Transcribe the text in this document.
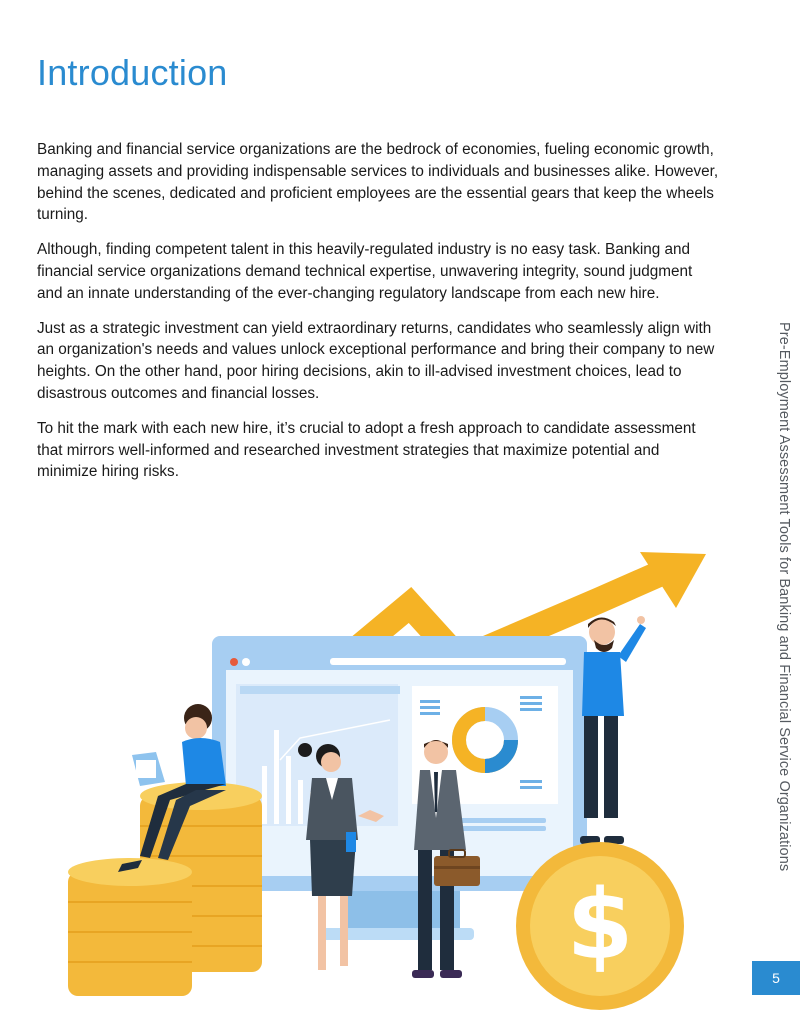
Introduction

Banking and financial service organizations are the bedrock of economies, fueling economic growth, managing assets and providing indispensable services to individuals and businesses alike. However, behind the scenes, dedicated and proficient employees are the essential gears that keep the wheels turning.

Although, finding competent talent in this heavily-regulated industry is no easy task. Banking and financial service organizations demand technical expertise, unwavering integrity, sound judgment and an innate understanding of the ever-changing regulatory landscape from each new hire.

Just as a strategic investment can yield extraordinary returns, candidates who seamlessly align with an organization's needs and values unlock exceptional performance and bring their company to new heights. On the other hand, poor hiring decisions, akin to ill-advised investment choices, lead to disastrous outcomes and financial losses.

To hit the mark with each new hire, it’s crucial to adopt a fresh approach to candidate assessment that mirrors well-informed and researched investment strategies that maximize potential and minimize hiring risks.	Pre-Employment Assessment Tools for Banking and Financial Service Organizations
5
$
